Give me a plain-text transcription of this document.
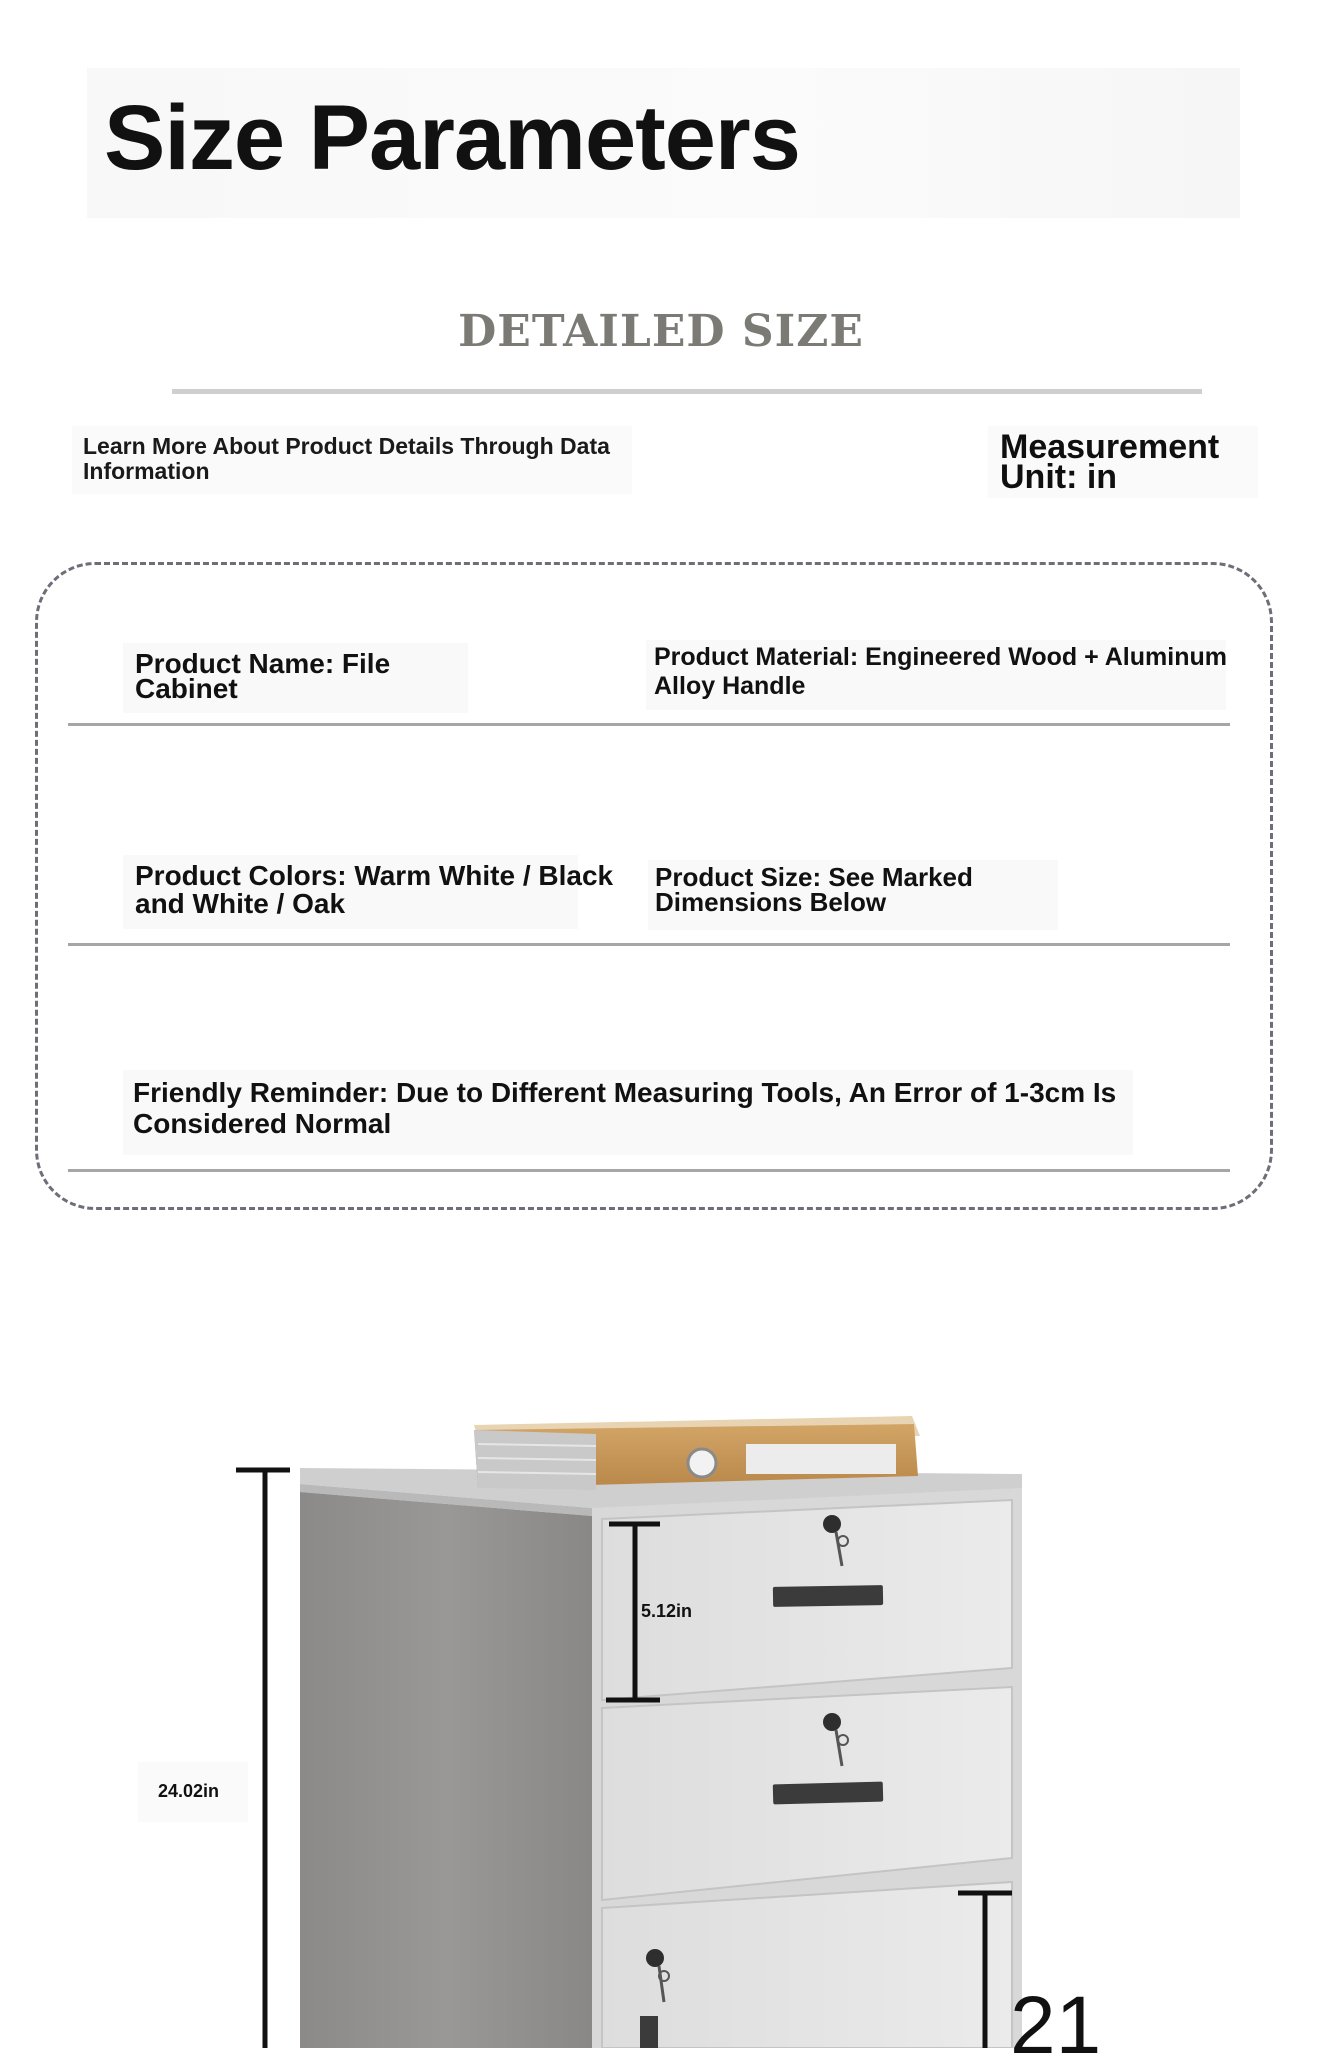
Size Parameters
DETAILED SIZE
Learn More About Product Details Through Data Information
Measurement Unit: in
Product Name: File Cabinet
Product Material: Engineered Wood + Aluminum Alloy Handle
Product Colors: Warm White / Black and White / Oak
Product Size: See Marked Dimensions Below
Friendly Reminder: Due to Different Measuring Tools, An Error of 1-3cm Is Considered Normal
24.02in
5.12in
21
